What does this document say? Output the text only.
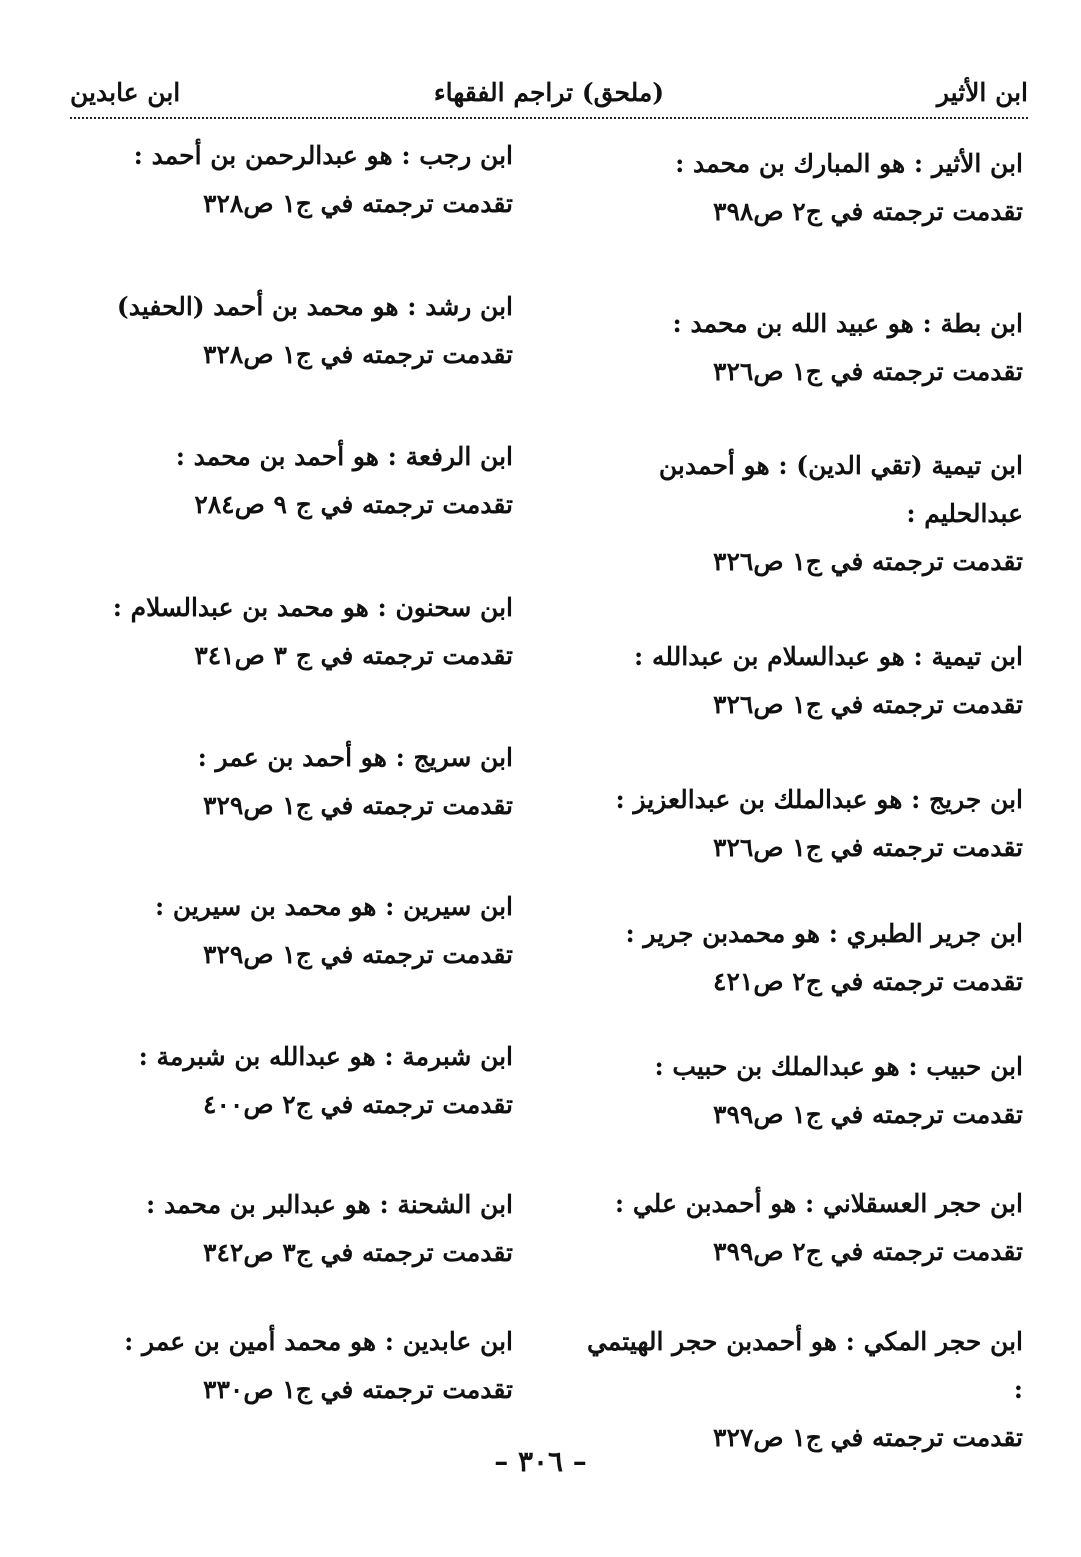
ابن الأثير
(ملحق) تراجم الفقهاء
ابن عابدين
ابن الأثير : هو المبارك بن محمد :
تقدمت ترجمته في ج٢ ص٣٩٨
ابن بطة : هو عبيد الله بن محمد :
تقدمت ترجمته في ج١ ص٣٢٦
ابن تيمية (تقي الدين) : هو أحمدبن عبدالحليم :
تقدمت ترجمته في ج١ ص٣٢٦
ابن تيمية : هو عبدالسلام بن عبدالله :
تقدمت ترجمته في ج١ ص٣٢٦
ابن جريج : هو عبدالملك بن عبدالعزيز :
تقدمت ترجمته في ج١ ص٣٢٦
ابن جرير الطبري : هو محمدبن جرير :
تقدمت ترجمته في ج٢ ص٤٢١
ابن حبيب : هو عبدالملك بن حبيب :
تقدمت ترجمته في ج١ ص٣٩٩
ابن حجر العسقلاني : هو أحمدبن علي :
تقدمت ترجمته في ج٢ ص٣٩٩
ابن حجر المكي : هو أحمدبن حجر الهيتمي :
تقدمت ترجمته في ج١ ص٣٢٧
ابن رجب : هو عبدالرحمن بن أحمد :
تقدمت ترجمته في ج١ ص٣٢٨
ابن رشد : هو محمد بن أحمد (الحفيد)
تقدمت ترجمته في ج١ ص٣٢٨
ابن الرفعة : هو أحمد بن محمد :
تقدمت ترجمته في ج ٩ ص٢٨٤
ابن سحنون : هو محمد بن عبدالسلام :
تقدمت ترجمته في ج ٣ ص٣٤١
ابن سريج : هو أحمد بن عمر :
تقدمت ترجمته في ج١ ص٣٢٩
ابن سيرين : هو محمد بن سيرين :
تقدمت ترجمته في ج١ ص٣٢٩
ابن شبرمة : هو عبدالله بن شبرمة :
تقدمت ترجمته في ج٢ ص٤٠٠
ابن الشحنة : هو عبدالبر بن محمد :
تقدمت ترجمته في ج٣ ص٣٤٢
ابن عابدين : هو محمد أمين بن عمر :
تقدمت ترجمته في ج١ ص٣٣٠
– ٣٠٦ –
